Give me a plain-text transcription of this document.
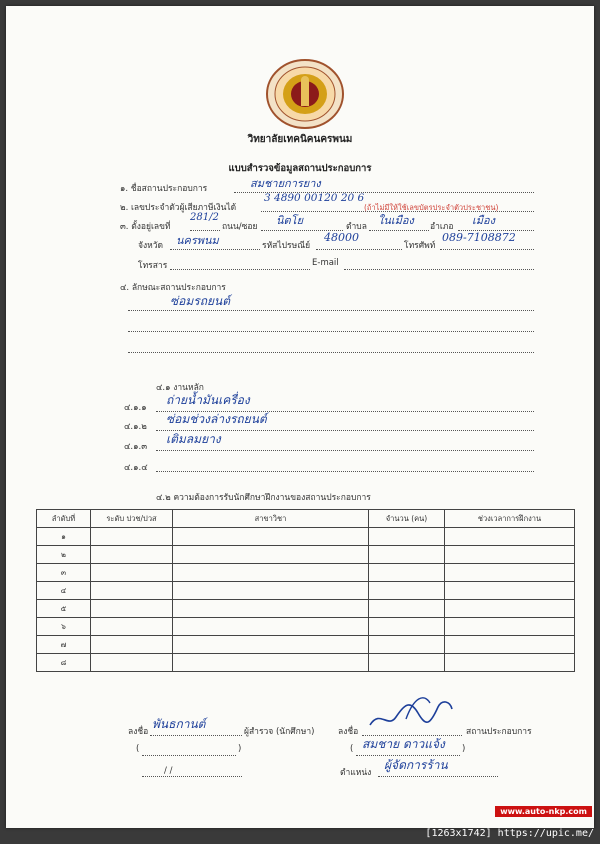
วิทยาลัยเทคนิคนครพนม
แบบสำรวจข้อมูลสถานประกอบการ
๑. ชื่อสถานประกอบการ	สมชายการยาง
๒. เลขประจำตัวผู้เสียภาษีเงินได้
3 4890 00120 20 6
(ถ้าไม่มีให้ใช้เลขบัตรประจำตัวประชาชน)
๓. ตั้งอยู่เลขที่
281/2
ถนน/ซอย นิตโย	ตำบล ในเมือง อำเภอ เมือง
จังหวัด นครพนม	รหัสไปรษณีย์
48000
โทรศัพท์
089-7108872
โทรสาร	E-mail
๔. ลักษณะสถานประกอบการ
ซ่อมรถยนต์
๔.๑ งานหลัก
๔.๑.๑
ถ่ายน้ำมันเครื่อง
๔.๑.๒
ซ่อมช่วงล่างรถยนต์
๔.๑.๓
เติมลมยาง
๔.๑.๔
๔.๒ ความต้องการรับนักศึกษาฝึกงานของสถานประกอบการ
ลำดับที่	ระดับ ปวช/ปวส	สาขาวิชา	จำนวน (คน)	ช่วงเวลาการฝึกงาน
๑				
๒				
๓				
๔				
๕				
๖				
๗				
๘				
ลงชื่อ
พันธกานต์
ผู้สำรวจ (นักศึกษา)
(	)
/ /
ลงชื่อ	สถานประกอบการ
( สมชาย ดาวแจ้ง )
ตำแหน่ง
ผู้จัดการร้าน
www.auto-nkp.com
[1263x1742] https://upic.me/
